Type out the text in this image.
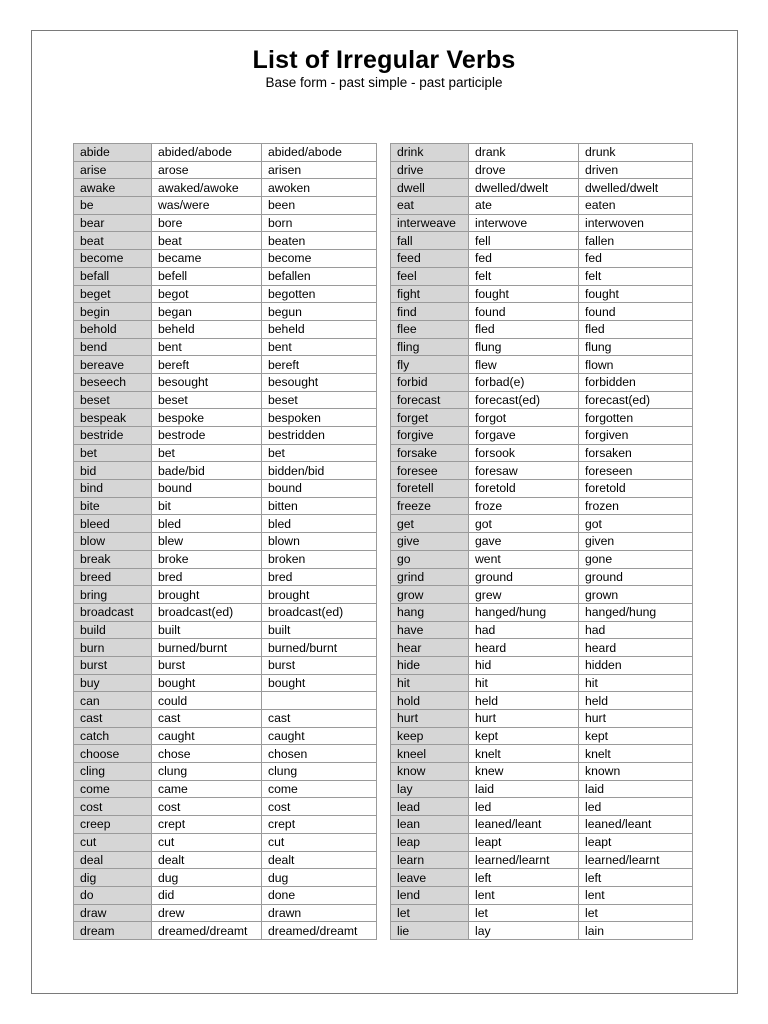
List of Irregular Verbs
Base form - past simple - past participle
abide	abided/abode	abided/abode
arise	arose	arisen
awake	awaked/awoke	awoken
be	was/were	been
bear	bore	born
beat	beat	beaten
become	became	become
befall	befell	befallen
beget	begot	begotten
begin	began	begun
behold	beheld	beheld
bend	bent	bent
bereave	bereft	bereft
beseech	besought	besought
beset	beset	beset
bespeak	bespoke	bespoken
bestride	bestrode	bestridden
bet	bet	bet
bid	bade/bid	bidden/bid
bind	bound	bound
bite	bit	bitten
bleed	bled	bled
blow	blew	blown
break	broke	broken
breed	bred	bred
bring	brought	brought
broadcast	broadcast(ed)	broadcast(ed)
build	built	built
burn	burned/burnt	burned/burnt
burst	burst	burst
buy	bought	bought
can	could	
cast	cast	cast
catch	caught	caught
choose	chose	chosen
cling	clung	clung
come	came	come
cost	cost	cost
creep	crept	crept
cut	cut	cut
deal	dealt	dealt
dig	dug	dug
do	did	done
draw	drew	drawn
dream	dreamed/dreamt	dreamed/dreamt
drink	drank	drunk
drive	drove	driven
dwell	dwelled/dwelt	dwelled/dwelt
eat	ate	eaten
interweave	interwove	interwoven
fall	fell	fallen
feed	fed	fed
feel	felt	felt
fight	fought	fought
find	found	found
flee	fled	fled
fling	flung	flung
fly	flew	flown
forbid	forbad(e)	forbidden
forecast	forecast(ed)	forecast(ed)
forget	forgot	forgotten
forgive	forgave	forgiven
forsake	forsook	forsaken
foresee	foresaw	foreseen
foretell	foretold	foretold
freeze	froze	frozen
get	got	got
give	gave	given
go	went	gone
grind	ground	ground
grow	grew	grown
hang	hanged/hung	hanged/hung
have	had	had
hear	heard	heard
hide	hid	hidden
hit	hit	hit
hold	held	held
hurt	hurt	hurt
keep	kept	kept
kneel	knelt	knelt
know	knew	known
lay	laid	laid
lead	led	led
lean	leaned/leant	leaned/leant
leap	leapt	leapt
learn	learned/learnt	learned/learnt
leave	left	left
lend	lent	lent
let	let	let
lie	lay	lain
